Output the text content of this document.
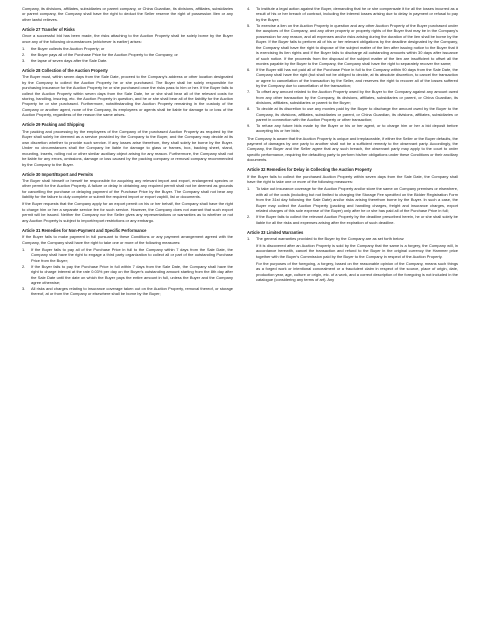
Company, its divisions, affiliates, subsidiaries or parent company, or China Guardian, its divisions, affiliates, subsidiaries or parent company, the Company shall have the right to deduct the Seller reserve the right of possession /lien or any other lawful relieves.

Article 27 Transfer of Risks

Once a successful bid has been made, the risks attaching to the Auction Property shall be solely borne by the Buyer once any of the following circumstances (whichever is earlier) arises:

1.	the Buyer collects the Auction Property; or
2.	the Buyer pays all of the Purchase Price for the Auction Property to the Company; or
3.	the lapse of seven days after the Sale Date.
Article 28 Collection of the Auction Property

The Buyer must, within seven days from the Sale Date, proceed to the Company's address or other location designated by the Company to collect the Auction Property he or she purchased. The Buyer shall be solely responsible for purchasing insurance for the Auction Property he or she purchased once the risks pass to him or her. If the Buyer fails to collect the Auction Property within seven days from the Sale Date, he or she shall bear all of the relevant costs for storing, handling, insuring, etc. the Auction Property in question, and he or she shall bear all of the liability for the Auction Property he or she purchased. Furthermore, notwithstanding the Auction Property remaining in the custody of the Company or another agent, none of the Company, its employees or agents shall be liable for damage to or loss of the Auction Property, regardless of the reason the same arises.

Article 29 Packing and Shipping

The packing and processing by the employees of the Company of the purchased Auction Property as required by the Buyer shall solely be deemed as a service provided by the Company to the Buyer, and the Company may decide at its own discretion whether to provide such service. If any losses arise therefrom, they shall solely be borne by the Buyer. Under no circumstances shall the Company be liable for damage to glass or frames, box, backing sheet, stand, mounting, inserts, rolling rod or other similar auxiliary object arising for any reason. Furthermore, the Company shall not be liable for any errors, omissions, damage or loss caused by the packing company or removal company recommended by the Company to the Buyer.

Article 30 Import/Export and Permits

The Buyer shall himself or herself be responsible for acquiring any relevant import and export, endangered species or other permit for the Auction Property. A failure or delay in obtaining any required permit shall not be deemed as grounds for cancelling the purchase or delaying payment of the Purchase Price by the Buyer. The Company shall not bear any liability for the failure to duly complete or submit the required import or export vaybill, list or documents.

If the Buyer requests that the Company apply for an export permit on his or her behalf, the Company shall have the right to charge him or her a separate service fee for such service. However, the Company does not warrant that such export permit will be issued. Neither the Company nor the Seller gives any representations or warranties as to whether or not any Auction Property is subject to import/export restrictions or any embargo.

Article 31 Remedies for Non-Payment and Specific Performance

If the Buyer fails to make payment in full pursuant to these Conditions or any payment arrangement agreed with the Company, the Company shall have the right to take one or more of the following measures:

1.	If the Buyer fails to pay all of the Purchase Price in full to the Company within 7 days from the Sale Date, the Company shall have the right to engage a third party organization to collect all or part of the outstanding Purchase Price from the Buyer;
2.	If the Buyer fails to pay the Purchase Price in full within 7 days from the Sale Date, the Company shall have the right to charge interest at the rate 0.03% per day on the Buyer's outstanding amount starting from the 8th day after the Sale Date until the date on which the Buyer pays the entire amount in full, unless the Buyer and the Company agree otherwise;
3.	All risks and charges relating to insurance coverage taken out on the Auction Property, removal thereof, or storage thereof, at or from the Company or elsewhere shall be borne by the Buyer;
4.	To institute a legal action against the Buyer, demanding that he or she compensate it for all the losses incurred as a result of his or her breach of contract, including the interest losses arising due to delay in payment or refusal to pay by the Buyer;
5.	To exercise a lien on the Auction Property in question and any other Auction Property of the Buyer purchased under the auspices of the Company, and any other property or property rights of the Buyer that may be in the Company's possession for any reason, and all expenses and/or risks arising during the duration of the lien shall be borne by the Buyer. If the Buyer fails to perform all of his or her relevant obligations by the deadline designated by the Company, the Company shall have the right to dispose of the subject matter of the lien after issuing notice to the Buyer that it is exercising its lien rights and if the Buyer fails to discharge all outstanding amounts within 30 days after issuance of such notice. If the proceeds from the disposal of the subject matter of the lien are insufficient to offset all the monies payable by the Buyer to the Company, the Company shall have the right to separately recover the same;
6.	If the Buyer still has not paid all of the Purchase Price in full to the Company within 90 days from the Sale Date, the Company shall have the right (but shall not be obliged to decide, at its absolute discretion, to cancel the transaction or agree to cancellation of the transaction by the Seller, and reserves the right to recover all of the losses suffered by the Company due to cancellation of the transaction;
7.	To offset any amount related to the Auction Property owed by the Buyer to the Company against any amount owed from any other transaction by the Company, its divisions, affiliates, subsidiaries or parent, or China Guardian, its divisions, affiliates, subsidiaries or parent to the Buyer;
8.	To decide at its discretion to use any monies paid by the Buyer to discharge the amount owed by the Buyer to the Company, its divisions, affiliates, subsidiaries or parent, or China Guardian, its divisions, affiliates, subsidiaries or parent in connection with the Auction Property or other transaction;
9.	To refuse any future bids made by the Buyer or his or her agent, or to charge him or her a bid deposit before accepting his or her bids;

The Company is aware that the Auction Property is unique and irreplaceable, if either the Seller or the Buyer defaults, the payment of damages by one party to another shall not be a sufficient remedy to the observant party. Accordingly, the Company, the Buyer and the Seller agree that any such breach, the observant party may apply to the court to order specific performance, requiring the defaulting party to perform his/her obligations under these Conditions or their ancillary documents.

Article 32 Remedies for Delay in Collecting the Auction Property

If the Buyer fails to collect the purchased Auction Property within seven days from the Sale Date, the Company shall have the right to take one or more of the following measures:

1.	To take out insurance coverage for the Auction Property and/or store the same on Company premises or elsewhere, with all of the costs (including but not limited to charging the Storage Fee specified on the Bidder Registration Form from the 31st day following the Sale Date) and/or risks arising therefrom borne by the Buyer. In such a case, the Buyer may collect the Auction Property (packing and handling charges, freight and insurance charges, export related charges of this sole expense of the Buyer) only after he or she has paid all of the Purchase Price in full;
2.	If the Buyer fails to collect the relevant Auction Property by the deadline prescribed herein, he or she shall solely be liable for all the risks and expenses arising after the expiration of such deadline.
Article 33 Limited Warranties
1.	The general warranties provided to the Buyer by the Company are as set forth below:

If it is discovered after an Auction Property is sold by the Company that the same is a forgery, the Company will, in accordance herewith, cancel the transaction and refund to the Buyer in the original currency the Hammer price together with the Buyer's Commission paid by the Buyer to the Company in respect of the Auction Property.

For the purposes of the foregoing, a forgery, based on the reasonable opinion of the Company, means such things as a forged work or intentional concealment or a fraudulent claim in respect of the source, place of origin, date, production year, age, culture or origin, etc. of a work, and a correct description of the foregoing is not included in the catalogue (considering any terms of art). Any
